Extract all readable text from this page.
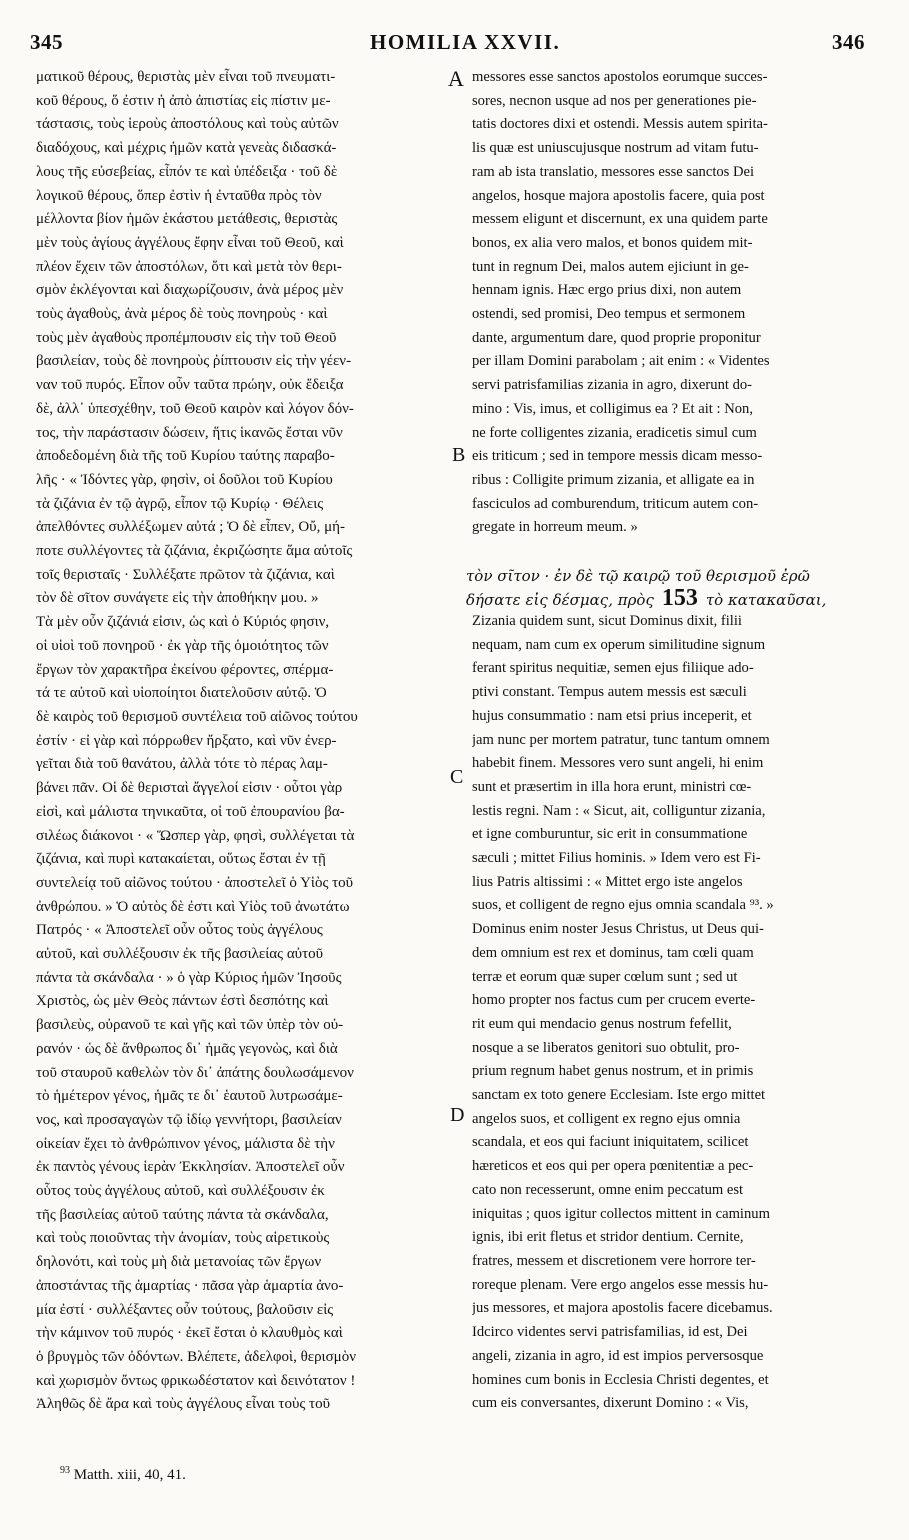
345	HOMILIA XXVII.	346
ματικοῦ θέρους, θεριστὰς μὲν εἶναι τοῦ πνευματι-
κοῦ θέρους, ὅ ἐστιν ἡ ἀπὸ ἀπιστίας εἰς πίστιν με-
τάστασις, τοὺς ἱεροὺς ἀποστόλους καὶ τοὺς αὐτῶν
διαδόχους, καὶ μέχρις ἡμῶν κατὰ γενεὰς διδασκά-
λους τῆς εὐσεβείας, εἶπόν τε καὶ ὑπέδειξα · τοῦ δὲ
λογικοῦ θέρους, ὅπερ ἐστὶν ἡ ἐνταῦθα πρὸς τὸν
μέλλοντα βίον ἡμῶν ἑκάστου μετάθεσις, θεριστὰς
μὲν τοὺς ἁγίους ἀγγέλους ἔφην εἶναι τοῦ Θεοῦ, καὶ
πλέον ἔχειν τῶν ἀποστόλων, ὅτι καὶ μετὰ τὸν θερι-
σμὸν ἐκλέγονται καὶ διαχωρίζουσιν, ἀνὰ μέρος μὲν
τοὺς ἀγαθοὺς, ἀνὰ μέρος δὲ τοὺς πονηροὺς · καὶ
τοὺς μὲν ἀγαθοὺς προπέμπουσιν εἰς τὴν τοῦ Θεοῦ
βασιλείαν, τοὺς δὲ πονηροὺς ῥίπτουσιν εἰς τὴν γέεν-
ναν τοῦ πυρός. Εἶπον οὖν ταῦτα πρώην, οὐκ ἔδειξα
δὲ, ἀλλ᾽ ὑπεσχέθην, τοῦ Θεοῦ καιρὸν καὶ λόγον δόν-
τος, τὴν παράστασιν δώσειν, ἥτις ἱκανῶς ἔσται νῦν
ἀποδεδομένη διὰ τῆς τοῦ Κυρίου ταύτης παραβο-
λῆς · « Ἰδόντες γὰρ, φησὶν, οἱ δοῦλοι τοῦ Κυρίου
τὰ ζιζάνια ἐν τῷ ἀγρῷ, εἶπον τῷ Κυρίῳ · Θέλεις
ἀπελθόντες συλλέξωμεν αὐτά ; Ὁ δὲ εἶπεν, Οὔ, μή-
ποτε συλλέγοντες τὰ ζιζάνια, ἐκριζώσητε ἅμα αὐτοῖς
τοῖς θερισταῖς · Συλλέξατε πρῶτον τὰ ζιζάνια, καὶ
τὸν δὲ σῖτον συνάγετε εἰς τὴν ἀποθήκην μου. »
Τὰ μὲν οὖν ζιζάνιά εἰσιν, ὡς καὶ ὁ Κύριός φησιν,
οἱ υἱοὶ τοῦ πονηροῦ · ἐκ γὰρ τῆς ὁμοιότητος τῶν
ἔργων τὸν χαρακτῆρα ἐκείνου φέροντες, σπέρμα-
τά τε αὐτοῦ καὶ υἱοποίητοι διατελοῦσιν αὐτῷ. Ὁ
δὲ καιρὸς τοῦ θερισμοῦ συντέλεια τοῦ αἰῶνος τούτου
ἐστίν · εἰ γὰρ καὶ πόρρωθεν ἤρξατο, καὶ νῦν ἐνερ-
γεῖται διὰ τοῦ θανάτου, ἀλλὰ τότε τὸ πέρας λαμ-
βάνει πᾶν. Οἱ δὲ θερισταὶ ἄγγελοί εἰσιν · οὗτοι γὰρ
εἰσὶ, καὶ μάλιστα τηνικαῦτα, οἱ τοῦ ἐπουρανίου βα-
σιλέως διάκονοι · « Ὥσπερ γὰρ, φησὶ, συλλέγεται τὰ
ζιζάνια, καὶ πυρὶ κατακαίεται, οὕτως ἔσται ἐν τῇ
συντελείᾳ τοῦ αἰῶνος τούτου · ἀποστελεῖ ὁ Υἱὸς τοῦ
ἀνθρώπου. » Ὁ αὐτὸς δὲ ἐστι καὶ Υἱὸς τοῦ ἀνωτάτω
Πατρός · « Ἀποστελεῖ οὖν οὗτος τοὺς ἀγγέλους
αὐτοῦ, καὶ συλλέξουσιν ἐκ τῆς βασιλείας αὐτοῦ
πάντα τὰ σκάνδαλα · » ὁ γὰρ Κύριος ἡμῶν Ἰησοῦς
Χριστὸς, ὡς μὲν Θεὸς πάντων ἐστὶ δεσπότης καὶ
βασιλεὺς, οὐρανοῦ τε καὶ γῆς καὶ τῶν ὑπὲρ τὸν οὐ-
ρανόν · ὡς δὲ ἄνθρωπος δι᾽ ἡμᾶς γεγονὼς, καὶ διὰ
τοῦ σταυροῦ καθελὼν τὸν δι᾽ ἀπάτης δουλωσάμενον
τὸ ἡμέτερον γένος, ἡμᾶς τε δι᾽ ἑαυτοῦ λυτρωσάμε-
νος, καὶ προσαγαγὼν τῷ ἰδίῳ γεννήτορι, βασιλείαν
οἰκείαν ἔχει τὸ ἀνθρώπινον γένος, μάλιστα δὲ τὴν
ἐκ παντὸς γένους ἱερὰν Ἐκκλησίαν. Ἀποστελεῖ οὖν
οὗτος τοὺς ἀγγέλους αὐτοῦ, καὶ συλλέξουσιν ἐκ
τῆς βασιλείας αὐτοῦ ταύτης πάντα τὰ σκάνδαλα,
καὶ τοὺς ποιοῦντας τὴν ἀνομίαν, τοὺς αἱρετικοὺς
δηλονότι, καὶ τοὺς μὴ διὰ μετανοίας τῶν ἔργων
ἀποστάντας τῆς ἁμαρτίας · πᾶσα γὰρ ἁμαρτία ἀνο-
μία ἐστί · συλλέξαντες οὖν τούτους, βαλοῦσιν εἰς
τὴν κάμινον τοῦ πυρός · ἐκεῖ ἔσται ὁ κλαυθμὸς καὶ
ὁ βρυγμὸς τῶν ὀδόντων. Βλέπετε, ἀδελφοὶ, θερισμὸν
καὶ χωρισμὸν ὄντως φρικωδέστατον καὶ δεινότατον !
Ἀληθῶς δὲ ἄρα καὶ τοὺς ἀγγέλους εἶναι τοὺς τοῦ
A
B
C
D
messores esse sanctos apostolos eorumque succes-
sores, necnon usque ad nos per generationes pie-
tatis doctores dixi et ostendi. Messis autem spirita-
lis quæ est uniuscujusque nostrum ad vitam futu-
ram ab ista translatio, messores esse sanctos Dei
angelos, hosque majora apostolis facere, quia post
messem eligunt et discernunt, ex una quidem parte
bonos, ex alia vero malos, et bonos quidem mit-
tunt in regnum Dei, malos autem ejiciunt in ge-
hennam ignis. Hæc ergo prius dixi, non autem
ostendi, sed promisi, Deo tempus et sermonem
dante, argumentum dare, quod proprie proponitur
per illam Domini parabolam ; ait enim : « Videntes
servi patrisfamilias zizania in agro, dixerunt do-
mino : Vis, imus, et colligimus ea ? Et ait : Non,
ne forte colligentes zizania, eradicetis simul cum
eis triticum ; sed in tempore messis dicam messo-
ribus : Colligite primum zizania, et alligate ea in
fasciculos ad comburendum, triticum autem con-
gregate in horreum meum. »
τὸν σῖτον · ἐν δὲ τῷ καιρῷ τοῦ θερισμοῦ ἐρῶ
δήσατε εἰς δέσμας, πρὸς 153 τὸ κατακαῦσαι,
Zizania quidem sunt, sicut Dominus dixit, filii
nequam, nam cum ex operum similitudine signum
ferant spiritus nequitiæ, semen ejus filiique ado-
ptivi constant. Tempus autem messis est sæculi
hujus consummatio : nam etsi prius inceperit, et
jam nunc per mortem patratur, tunc tantum omnem
habebit finem. Messores vero sunt angeli, hi enim
sunt et præsertim in illa hora erunt, ministri cœ-
lestis regni. Nam : « Sicut, ait, colliguntur zizania,
et igne comburuntur, sic erit in consummatione
sæculi ; mittet Filius hominis. » Idem vero est Fi-
lius Patris altissimi : « Mittet ergo iste angelos
suos, et colligent de regno ejus omnia scandala ⁹³. »
Dominus enim noster Jesus Christus, ut Deus qui-
dem omnium est rex et dominus, tam cœli quam
terræ et eorum quæ super cœlum sunt ; sed ut
homo propter nos factus cum per crucem everte-
rit eum qui mendacio genus nostrum fefellit,
nosque a se liberatos genitori suo obtulit, pro-
prium regnum habet genus nostrum, et in primis
sanctam ex toto genere Ecclesiam. Iste ergo mittet
angelos suos, et colligent ex regno ejus omnia
scandala, et eos qui faciunt iniquitatem, scilicet
hæreticos et eos qui per opera pœnitentiæ a pec-
cato non recesserunt, omne enim peccatum est
iniquitas ; quos igitur collectos mittent in caminum
ignis, ibi erit fletus et stridor dentium. Cernite,
fratres, messem et discretionem vere horrore ter-
roreque plenam. Vere ergo angelos esse messis hu-
jus messores, et majora apostolis facere dicebamus.
Idcirco videntes servi patrisfamilias, id est, Dei
angeli, zizania in agro, id est impios perversosque
homines cum bonis in Ecclesia Christi degentes, et
cum eis conversantes, dixerunt Domino : « Vis,
$^{93}$ Matth. xiii, 40, 41.
